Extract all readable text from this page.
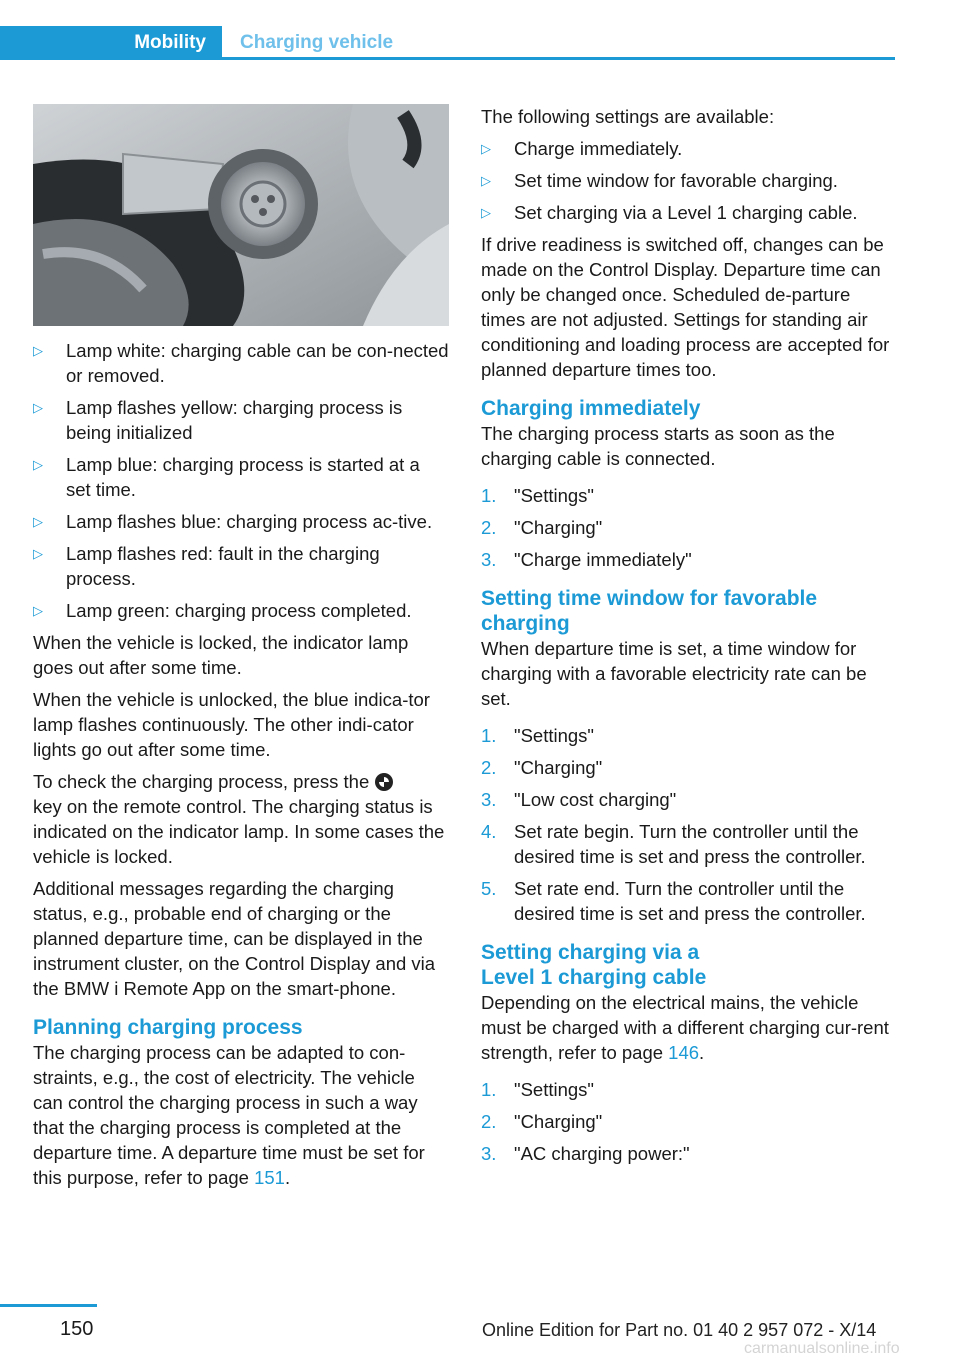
Mobility Charging vehicle
▷ Lamp white: charging cable can be con-nected or removed.
▷ Lamp flashes yellow: charging process is being initialized
▷ Lamp blue: charging process is started at a set time.
▷ Lamp flashes blue: charging process ac-tive.
▷ Lamp flashes red: fault in the charging process.
▷ Lamp green: charging process completed.

When the vehicle is locked, the indicator lamp goes out after some time.

When the vehicle is unlocked, the blue indica-tor lamp flashes continuously. The other indi-cator lights go out after some time.

To check the charging process, press the
key on the remote control. The charging status is indicated on the indicator lamp. In some cases the vehicle is locked.

Additional messages regarding the charging status, e.g., probable end of charging or the planned departure time, can be displayed in the instrument cluster, on the Control Display and via the BMW i Remote App on the smart-phone.

Planning charging process

The charging process can be adapted to con-straints, e.g., the cost of electricity. The vehicle can control the charging process in such a way that the charging process is completed at the departure time. A departure time must be set for this purpose, refer to page 151.

The following settings are available:

▷ Charge immediately.
▷ Set time window for favorable charging.
▷ Set charging via a Level 1 charging cable.

If drive readiness is switched off, changes can be made on the Control Display. Departure time can only be changed once. Scheduled de-parture times are not adjusted. Settings for standing air conditioning and loading process are accepted for planned departure times too.

Charging immediately

The charging process starts as soon as the charging cable is connected.

1. "Settings"
2. "Charging"
3. "Charge immediately"
Setting time window for favorable charging

When departure time is set, a time window for charging with a favorable electricity rate can be set.

1. "Settings"
2. "Charging"
3. "Low cost charging"
4. Set rate begin. Turn the controller until the desired time is set and press the controller.
5. Set rate end. Turn the controller until the desired time is set and press the controller.
Setting charging via a
Level 1 charging cable

Depending on the electrical mains, the vehicle must be charged with a different charging cur-rent strength, refer to page 146.

1. "Settings"
2. "Charging"
3. "AC charging power:"
150	Online Edition for Part no. 01 40 2 957 072 - X/14
carmanualsonline.info
